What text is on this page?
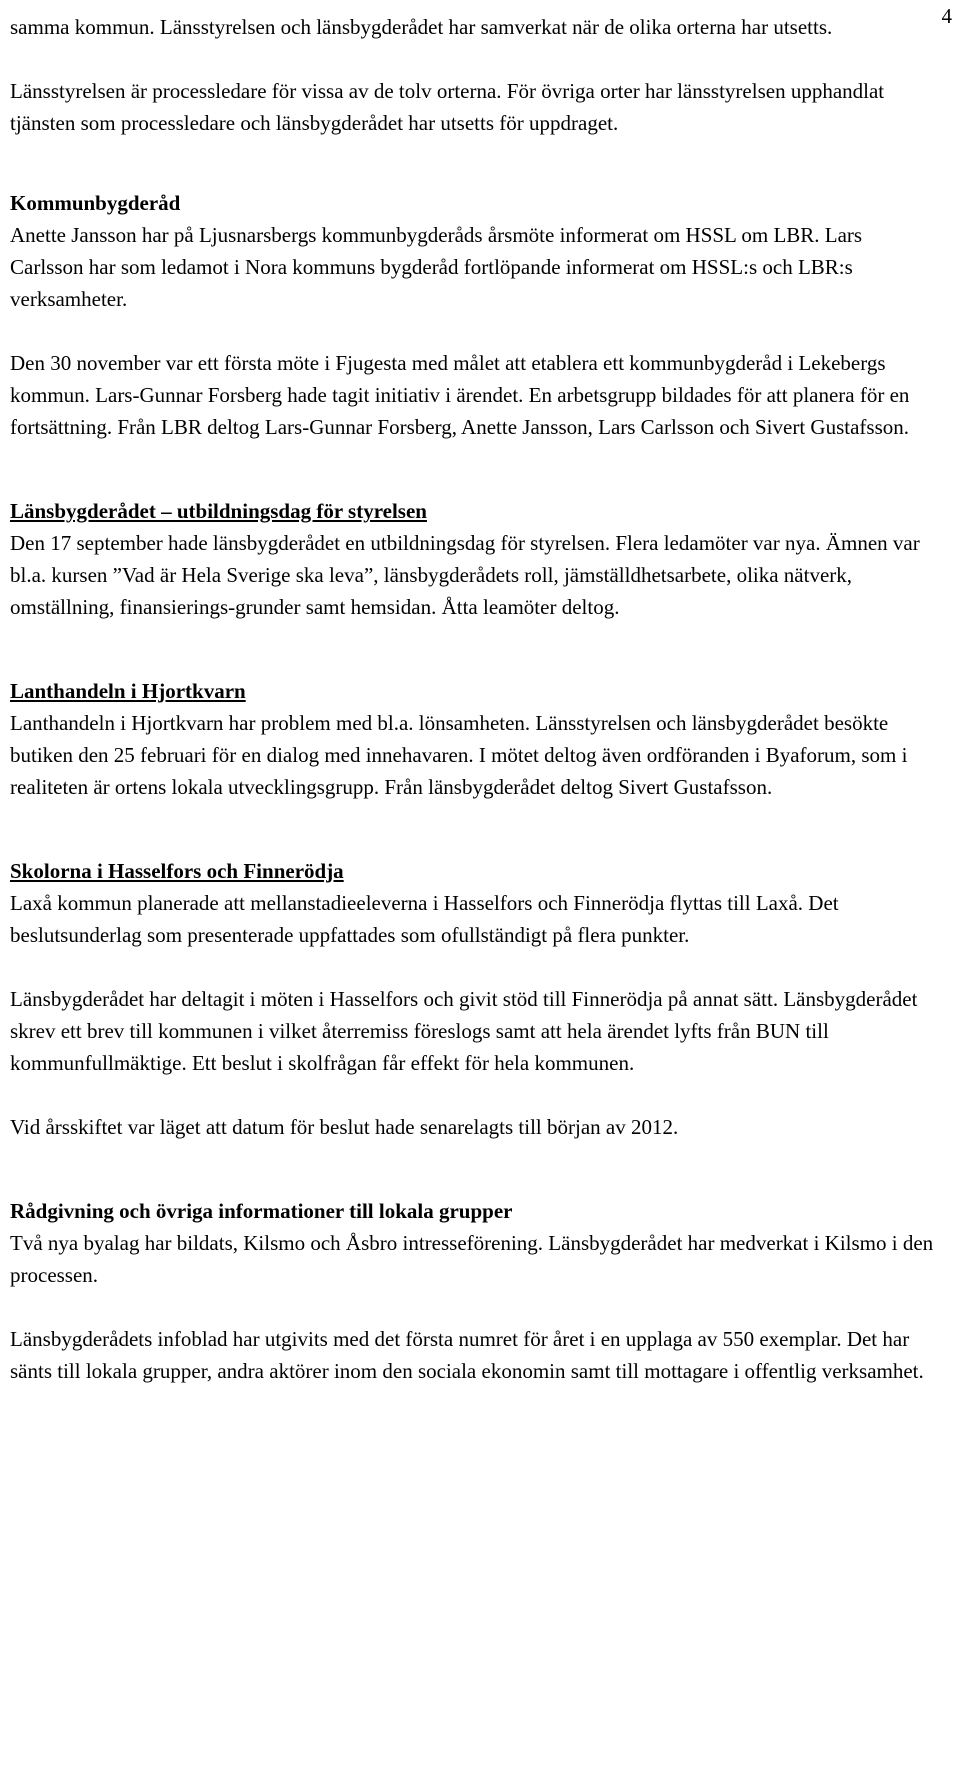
4

samma kommun. Länsstyrelsen och länsbygderådet har samverkat när de olika orterna har utsetts.

Länsstyrelsen är processledare för vissa av de tolv orterna. För övriga orter har länsstyrelsen upphandlat tjänsten som processledare och länsbygderådet har utsetts för uppdraget.

Kommunbygderåd

Anette Jansson har på Ljusnarsbergs kommunbygderåds årsmöte informerat om HSSL om LBR. Lars Carlsson har som ledamot i Nora kommuns bygderåd fortlöpande informerat om HSSL:s och LBR:s verksamheter.

Den 30 november var ett första möte i Fjugesta med målet att etablera ett kommunbygderåd i Lekebergs kommun. Lars-Gunnar Forsberg hade tagit initiativ i ärendet. En arbetsgrupp bildades för att planera för en fortsättning. Från LBR deltog Lars-Gunnar Forsberg, Anette Jansson, Lars Carlsson och Sivert Gustafsson.

Länsbygderådet – utbildningsdag för styrelsen

Den 17 september hade länsbygderådet en utbildningsdag för styrelsen. Flera ledamöter var nya. Ämnen var bl.a. kursen ”Vad är Hela Sverige ska leva”, länsbygderådets roll, jämställdhetsarbete, olika nätverk, omställning, finansierings-grunder samt hemsidan. Åtta leamöter deltog.

Lanthandeln i Hjortkvarn

Lanthandeln i Hjortkvarn har problem med bl.a. lönsamheten. Länsstyrelsen och länsbygderådet besökte butiken den 25 februari för en dialog med innehavaren. I mötet deltog även ordföranden i Byaforum, som i realiteten är ortens lokala utvecklingsgrupp. Från länsbygderådet deltog Sivert Gustafsson.

Skolorna i Hasselfors och Finnerödja

Laxå kommun planerade att mellanstadieeleverna i Hasselfors och Finnerödja flyttas till Laxå. Det beslutsunderlag som presenterade uppfattades som ofullständigt på flera punkter.

Länsbygderådet har deltagit i möten i Hasselfors och givit stöd till Finnerödja på annat sätt. Länsbygderådet skrev ett brev till kommunen i vilket återremiss föreslogs samt att hela ärendet lyfts från BUN till kommunfullmäktige. Ett beslut i skolfrågan får effekt för hela kommunen.

Vid årsskiftet var läget att datum för beslut hade senarelagts till början av 2012.

Rådgivning och övriga informationer till lokala grupper

Två nya byalag har bildats, Kilsmo och Åsbro intresseförening. Länsbygderådet har medverkat i Kilsmo i den processen.

Länsbygderådets infoblad har utgivits med det första numret för året i en upplaga av 550 exemplar. Det har sänts till lokala grupper, andra aktörer inom den sociala ekonomin samt till mottagare i offentlig verksamhet.
